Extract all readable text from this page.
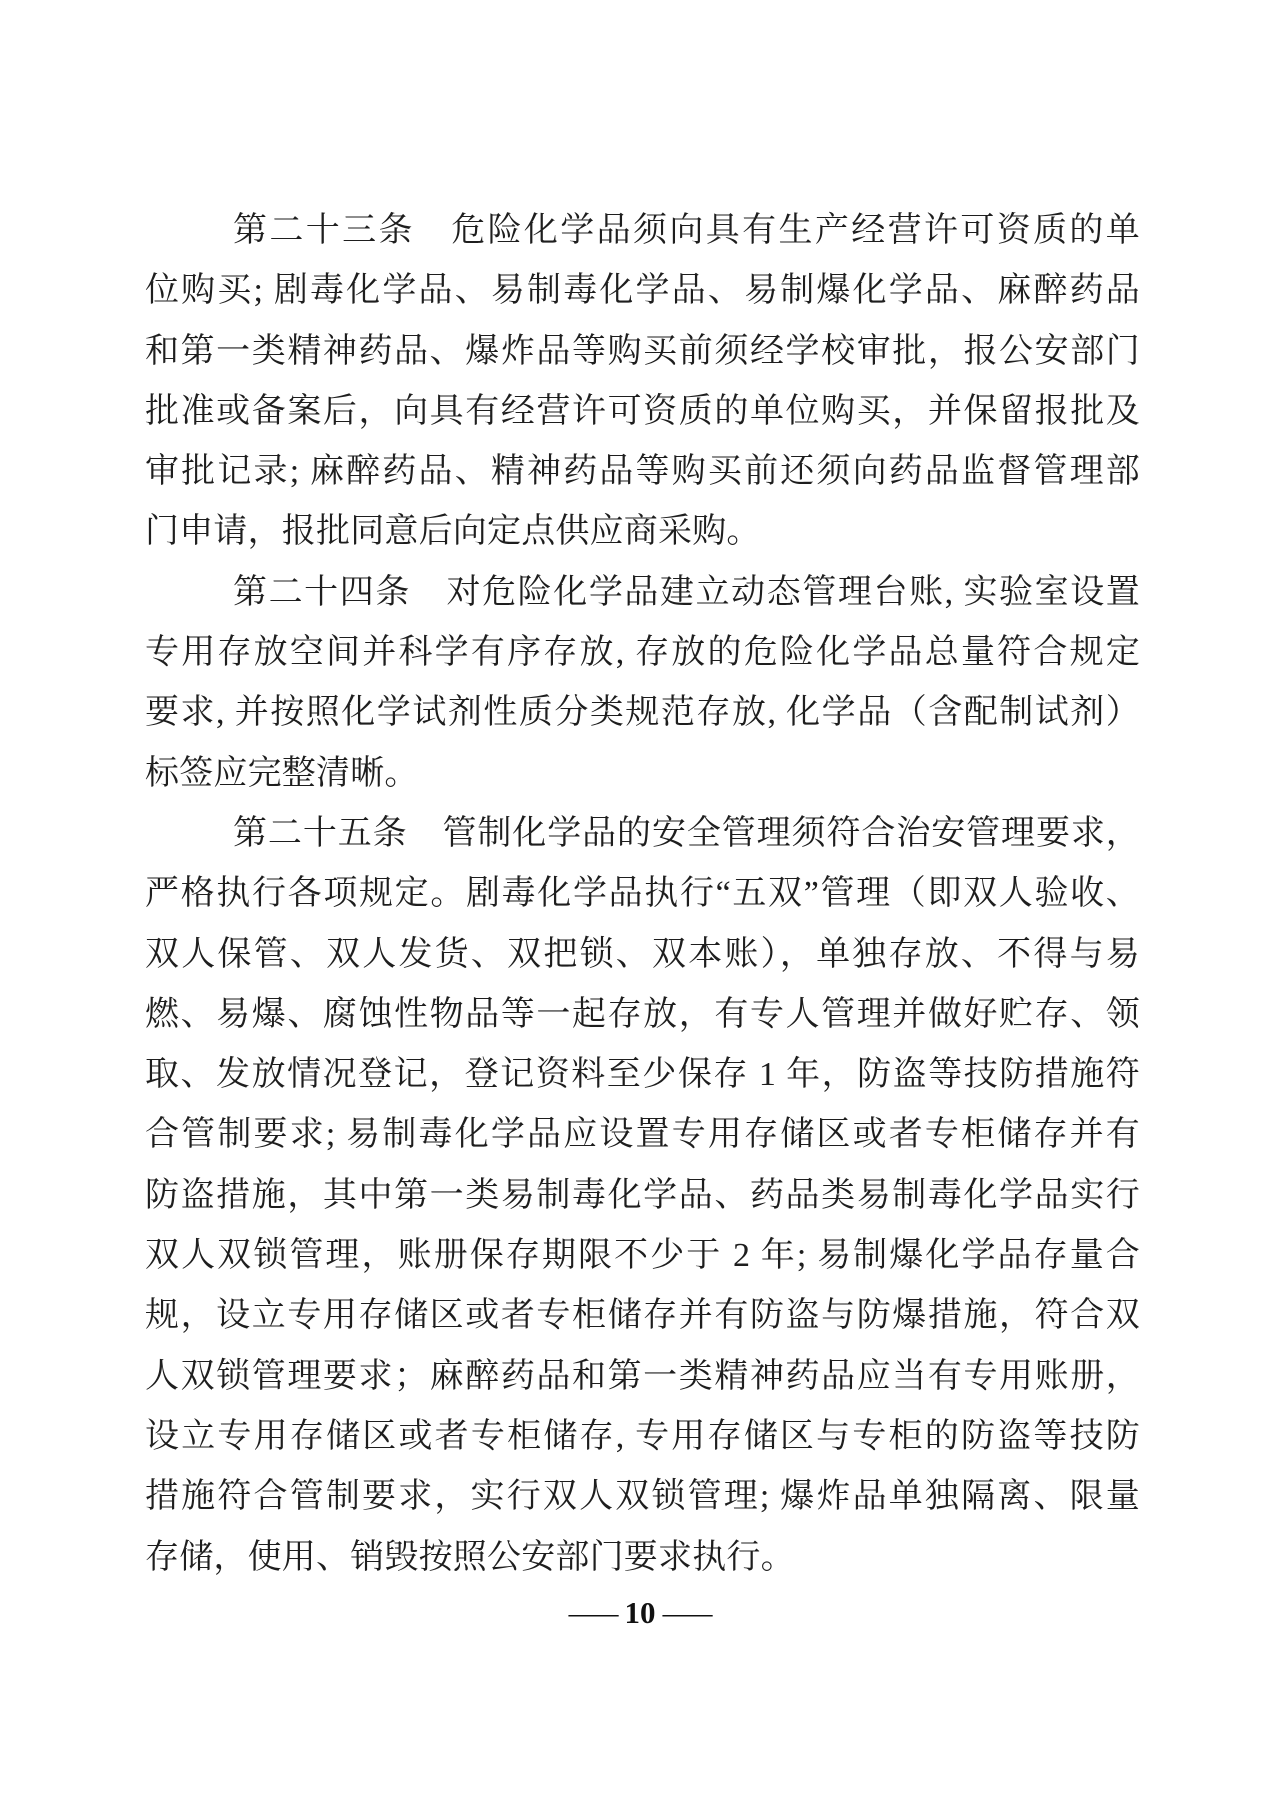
第二十三条　危险化学品须向具有生产经营许可资质的单
位购买; 剧毒化学品、易制毒化学品、易制爆化学品、麻醉药品
和第一类精神药品、爆炸品等购买前须经学校审批，报公安部门
批准或备案后，向具有经营许可资质的单位购买，并保留报批及
审批记录; 麻醉药品、精神药品等购买前还须向药品监督管理部
门申请，报批同意后向定点供应商采购。
第二十四条　对危险化学品建立动态管理台账, 实验室设置
专用存放空间并科学有序存放, 存放的危险化学品总量符合规定
要求, 并按照化学试剂性质分类规范存放, 化学品（含配制试剂）
标签应完整清晰。
第二十五条　管制化学品的安全管理须符合治安管理要求，
严格执行各项规定。剧毒化学品执行“五双”管理（即双人验收、
双人保管、双人发货、双把锁、双本账），单独存放、不得与易
燃、易爆、腐蚀性物品等一起存放，有专人管理并做好贮存、领
取、发放情况登记，登记资料至少保存 1 年，防盗等技防措施符
合管制要求; 易制毒化学品应设置专用存储区或者专柜储存并有
防盗措施，其中第一类易制毒化学品、药品类易制毒化学品实行
双人双锁管理，账册保存期限不少于 2 年; 易制爆化学品存量合
规，设立专用存储区或者专柜储存并有防盗与防爆措施，符合双
人双锁管理要求；麻醉药品和第一类精神药品应当有专用账册，
设立专用存储区或者专柜储存, 专用存储区与专柜的防盗等技防
措施符合管制要求，实行双人双锁管理; 爆炸品单独隔离、限量
存储，使用、销毁按照公安部门要求执行。
— 10 —
